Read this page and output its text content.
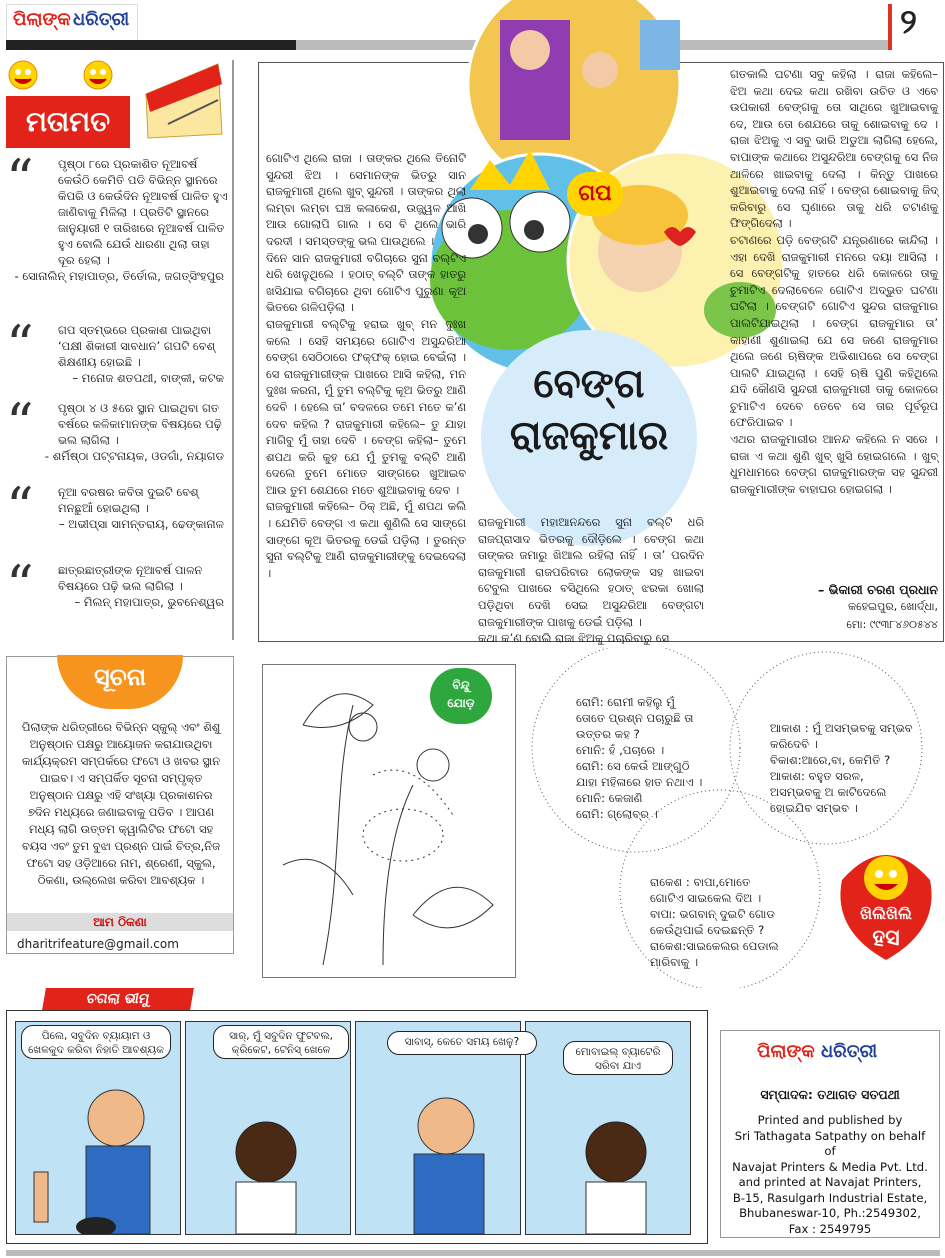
ପିଲାଙ୍କ ଧରିତ୍ରୀ	୨
ମତାମତ
“ ପୃଷ୍ଠା ୮ରେ ପ୍ରକାଶିତ ନୂଆବର୍ଷ କେଉଁଠି କେମିତି ପଡି ବିଭିନ୍ନ ସ୍ଥାନରେ କିପରି ଓ କେଉଁଦିନ ନୂଆବର୍ଷ ପାଳିତ ହୁଏ ଜାଣିବାକୁ ମିଳିଲା । ପ୍ରତିଟି ସ୍ଥାନରେ ଜାନୁୟାରୀ ୧ ତାରିଖରେ ନୂଆବର୍ଷ ପାଳିତ ହୁଏ ବୋଲି ଯେଉଁ ଧାରଣା ଥିଲା ତାହା ଦୂର ହେଲା ।
- ସୋନାଲିନ୍ ମହାପାତ୍ର, ତିର୍ତୋଲ, ଜଗତ୍‌ସିଂହପୁର
“ ଗପ ସ୍ତମ୍ଭରେ ପ୍ରକାଶ ପାଇଥିବା ‘ପକ୍ଷୀ ଶିକାରୀ ସାବଧାନ’ ଗପଟି ବେଶ୍ ଶିକ୍ଷଣୀୟ ହୋଇଛି ।
– ମନୋଜ ଶତପଥୀ, ବାଙ୍କୀ, କଟକ
“ ପୃଷ୍ଠା ୪ ଓ ୫ରେ ସ୍ଥାନ ପାଇଥିବା ଗତ ବର୍ଷରେ କଳିକାମାନଙ୍କ ବିଷୟରେ ପଢ଼ି ଭଲ ଲାଗିଲା ।
- ଶର୍ମିଷ୍ଠା ପଟ୍ଟନାୟକ, ଓଡଗାଁ, ନୟାଗଡ
“ ନୂଆ ବରଷର କବିତା ଦୁଇଟି ବେଶ୍ ମନଛୁଆଁ ହୋଇଥିଲା ।
– ଅଭୀପ୍‌ସା ସାମନ୍ତରାୟ, ଢେଙ୍କାନାଳ
“ ଛାତ୍ରଛାତ୍ରୀଙ୍କ ନୂଆବର୍ଷ ପାଳନ ବିଷୟରେ ପଢ଼ି ଭଲ ଲାଗିଲା ।
– ମିଲନ୍ ମହାପାତ୍ର, ଭୁବନେଶ୍ୱର
ଗପ
ବେଙ୍ଗ
ରାଜକୁମାର
ଗୋଟିଏ ଥିଲେ ରାଜା । ତାଙ୍କର ଥିଲେ ତିନୋଟି ସୁନ୍ଦରୀ ଝିଅ । ସେମାନଙ୍କ ଭିତରୁ ସାନ ରାଜକୁମାରୀ ଥିଲେ ଖୁବ୍ ସୁନ୍ଦରୀ । ତାଙ୍କର ଥିଲା ଲମ୍ବା ଲମ୍ବା ଘଞ୍ଚ କଳାକେଶ, ଉଜ୍ଜ୍ୱଳ ଆଖି ଆଉ ଗୋଲାପି ଗାଲ । ସେ ବି ଥିଲେ ଭାରି ଦରଦୀ । ସମସ୍ତଙ୍କୁ ଭଲ ପାଉଥିଲେ ।
ଦିନେ ସାନ ରାଜକୁମାରୀ ବଗିଚାରେ ସୁନା ବଲ୍‌ଟିଏ ଧରି ଖେଳୁଥିଲେ । ହଠାତ୍ ବଲ୍‌ଟି ତାଙ୍କ ହାତରୁ ଖସିଯାଇ ବଗିଚାରେ ଥିବା ଗୋଟିଏ ପୁରୁଣା କୂଅ ଭିତରେ ଗଳିପଡ଼ିଲା ।
ରାଜକୁମାରୀ ବଲ୍‌ଟିକୁ ହରାଇ ଖୁବ୍ ମନ ଦୁଃଖ କଲେ । ସେହି ସମୟରେ ଗୋଟିଏ ଅସୁନ୍ଦରିଆ ବେଙ୍ଗ ସେଠିଠାରେ ଫକ୍‌ଫକ୍ ହୋଇ ବେଇଁଲା । ସେ ରାଜକୁମାରୀଙ୍କ ପାଖରେ ଆସି କହିଲା, ମନ ଦୁଃଖ କରନା, ମୁଁ ତୁମ ବଲ୍‌ଟିକୁ କୂଅ ଭିତରୁ ଆଣି ଦେବି । ହେଲେ ତା’ ବଦଳରେ ତମେ ମତେ କ’ଣ ଦେବ କହିଲ ? ରାଜକୁମାରୀ କହିଲେ– ତୁ ଯାହା ମାଗିବୁ ମୁଁ ତାହା ଦେବି । ବେଙ୍ଗ କହିଲା– ତୁମେ ଶପଥ କରି କୁହ ଯେ ମୁଁ ତୁମକୁ ବଲ୍‌ଟି ଆଣି ଦେଲେ ତୁମେ ମୋତେ ସାଙ୍ଗରେ ଖୁଆଇବ ଆଉ ତୁମ ଶେଯରେ ମତେ ଶୁଆଇବାକୁ ଦେବ ।
ରାଜକୁମାରୀ କହିଲେ– ଠିକ୍ ଅଛି, ମୁଁ ଶପଥ କଲି । ଯେମିତି ବେଙ୍ଗ ଏ କଥା ଶୁଣିଲି ସେ ସାଙ୍ଗେ ସାଙ୍ଗେ କୂଅ ଭିତରକୁ ଡେଇଁ ପଡ଼ିଲା । ତୁରନ୍ତ ସୁନା ବଲ୍‌ଟିକୁ ଆଣି ରାଜକୁମାରୀଙ୍କୁ ଦେଇଦେଲା ।
ରାଜକୁମାରୀ ମହାଆନନ୍ଦରେ ସୁନା ବଲ୍‌ଟି ଧରି ରାଜପ୍ରାସାଦ ଭିତରକୁ ଦୌଡ଼ିଲେ । ବେଙ୍ଗ କଥା ତାଙ୍କର ଜମାରୁ ଖିଆଲ ରହିଲା ନାହିଁ । ତା’ ପରଦିନ ରାଜକୁମାରୀ ରାଜପରିବାର ଲୋକଙ୍କ ସହ ଖାଇବା ଟେବୁଲ ପାଖରେ ବସିଥିଲେ ହଠାତ୍ ଝରକା ଖୋଲା ପଡ଼ିଥିବା ଦେଖି ସେଇ ଅସୁନ୍ଦରିଆ ବେଙ୍ଗଟା ରାଜକୁମାରୀଙ୍କ ପାଖକୁ ଡେଇଁ ପଡ଼ିଲା ।
କଥା କ’ଣ ବୋଲି ରାଜା ଝିଅକୁ ପଚାରିବାରୁ ସେ
ଗତକାଲି ଘଟଣା ସବୁ କହିଲା । ରାଜା କହିଲେ– ଝିଅ କଥା ଦେଇ କଥା ରଖିବା ଉଚିତ ଓ ଏବେ ଉପକାରୀ ବେଙ୍ଗକୁ ତୋ ସାଥିରେ ଖୁଆଇବାକୁ ଦେ, ଆଉ ତୋ ଶେଯରେ ତାକୁ ଶୋଇବାକୁ ଦେ । ରାଜା ଝିଅକୁ ଏ ସବୁ ଭାରି ଅଡୁଆ ଲାଗିଲା ହେଲେ, ବାପାଙ୍କ କଥାରେ ଅସୁନ୍ଦରିଆ ବେଙ୍ଗକୁ ସେ ନିଜ ଥାଳିରେ ଖାଇବାକୁ ଦେଲା । କିନ୍ତୁ ପାଖରେ ଶୁଆଇବାକୁ ଦେଲା ନାହିଁ । ବେଙ୍ଗ ଶୋଇବାକୁ ଜିଦ୍ କରିବାରୁ ସେ ଘୃଣାରେ ତାକୁ ଧରି ଚଟାଣକୁ ଫିଙ୍ଗିଦେଲା ।
ଚଟାଣରେ ପଡ଼ି ବେଙ୍ଗଟି ଯନ୍ତ୍ରଣାରେ କାନ୍ଦିଲା । ଏହା ଦେଖି ରାଜକୁମାରୀ ମନରେ ଦୟା ଆସିଲା । ସେ ବେଙ୍ଗଟିକୁ ହାତରେ ଧରି କୋଳରେ ତାକୁ ଚୁମାଟିଏ ଦେଲାବେଳେ ଗୋଟିଏ ଅଦ୍ଭୁତ ଘଟଣା ଘଟିଲା । ବେଙ୍ଗଟି ଗୋଟିଏ ସୁନ୍ଦର ରାଜକୁମାର ପାଲଟିଯାଇଥିଲା । ବେଙ୍ଗ ରାଜକୁମାର ତା’ କାହାଣୀ ଶୁଣାଇଲା ଯେ ସେ ଜଣେ ରାଜକୁମାର ଥିଲେ ଜଣେ ଋଷିଙ୍କ ଅଭିଶାପରେ ସେ ବେଙ୍ଗ ପାଲଟି ଯାଇଥିଲା । ସେହି ଋଷି ପୁଣି କହିଥିଲେ ଯଦି କୌଣସି ସୁନ୍ଦରୀ ରାଜକୁମାରୀ ତାକୁ କୋଳରେ ଚୁମାଟିଏ ଦେବେ ତେବେ ସେ ତାର ପୂର୍ବରୂପ ଫେରିପାଇବ ।
ଏଥର ରାଜକୁମାରୀର ଆନନ୍ଦ କହିଲେ ନ ସରେ । ରାଜା ଏ କଥା ଶୁଣି ଖୁବ୍ ଖୁସି ହୋଇଗଲେ । ଖୁବ୍ ଧୁମଧାମରେ ବେଙ୍ଗ ରାଜକୁମାରଙ୍କ ସହ ସୁନ୍ଦରୀ ରାଜକୁମାରୀଙ୍କ ବାହାଘର ହୋଇଗଲା ।
– ଭିକାରୀ ଚରଣ ପ୍ରଧାନ
କହେଇପୁର, ଖୋର୍ଦ୍ଧା,
ମୋ: ୯୯୩୮୪୬୦୫୪୪
ସୂଚନା
ପିଲାଙ୍କ ଧରିତ୍ରୀରେ ବିଭିନ୍ନ ସ୍କୁଲ୍ ଏବଂ ଶିଶୁ ଅନୁଷ୍ଠାନ ପକ୍ଷରୁ ଆୟୋଜନ କରାଯାଉଥିବା କାର୍ଯ୍ୟକ୍ରମ ସମ୍ପର୍କରେ ଫଟୋ ଓ ଖବର ସ୍ଥାନ ପାଇବ। ଏ ସମ୍ପର୍କିତ ସୂଚନା ସମ୍ପୃକ୍ତ ଅନୁଷ୍ଠାନ ପକ୍ଷରୁ ଏହି ସଂଖ୍ୟା ପ୍ରକାଶନର ୭ଦିନ ମଧ୍ୟରେ ଜଣାଇବାକୁ ପଡିବ । ଆପଣ ମଧ୍ୟ ଲାଗି ଉତ୍ତମ କ୍ୱାଲିଟିର ଫଟୋ ସହ ବୟସ ଏବଂ ତୁମ ବୁଝା ପ୍ରଶ୍ନ ପାଇଁ ଚିତ୍ର,ନିଜ ଫଟୋ ସହ ଓଡ଼ିଆରେ ନାମ, ଶ୍ରେଣୀ, ସ୍କୁଲ, ଠିକଣା, ଉଲ୍ଲେଖ କରିବା ଆବଶ୍ୟକ ।
ଆମ ଠିକଣା
dharitrifeature@gmail.com
ବିନ୍ଦୁ
ଯୋଡ଼	ରୋମି: ରୋମୀ କହିଲୁ ମୁଁ
ତୋତେ ପ୍ରଶ୍ନ ପଚାରୁଛି ତା
ଉତ୍ତର କହ ?
ମୋନି: ହଁ ,ପଚାରେ ।
ରୋମି: ସେ କେଉଁ ଆଙ୍ଗୁଠି
ଯାହା ମହିଳାରେ ହାତ ନଥାଏ ।
ମୋନି: କେଜାଣି
ରୋମି: ଗ୍ଲୋବ୍‌ର ।
ଆକାଶ : ମୁଁ ଅସମ୍ଭବକୁ ସମ୍ଭବ
କରିଦେବି ।
ବିକାଶ:ଆରେ,ବା, କେମିତି ?
ଆକାଶ: ବହୁତ ସରଳ,
ଅସମ୍ଭବକୁ ଅ କାଟିଦେଲେ
ହୋଇଯିବ ସମ୍ଭବ ।
ରାକେଶ : ବାପା,ମୋତେ
ଗୋଟିଏ ସାଇକେଲ ଦିଅ ।
ବାପା: ଭଗବାନ୍ ଦୁଇଟି ଗୋଡ
କେଉଁଥିପାଇଁ ଦେଇଛନ୍ତି ?
ରାକେଶ:ସାଇକେଲର ପେଡାଲ
ମାରିବାକୁ ।
ଖିଲିଖିଲି
ହସ
ଚଗଲା ଭୀମୁ
ପିଲେ, ସବୁଦିନ ବ୍ୟାୟାମ ଓ ଖେଳକୁଦ କରିବା ନିହାତି ଆବଶ୍ୟକ
ସାର୍, ମୁଁ ସବୁଦିନ ଫୁଟବଲ, କ୍ରିକେଟ, ଟେନିସ୍ ଖେଳେ
ସାବାସ୍, କେତେ ସମୟ ଖେଳୁ?
ମୋବାଇଲ୍ ବ୍ୟାଟେରି ସରିବା ଯାଏ
ପିଲାଙ୍କ ଧରିତ୍ରୀ
ସମ୍ପାଦକ: ତଥାଗତ ସତପଥୀ
Printed and published by
Sri Tathagata Satpathy on behalf
of
Navajat Printers & Media Pvt. Ltd.
and printed at Navajat Printers,
B-15, Rasulgarh Industrial Estate,
Bhubaneswar-10, Ph.:2549302,
Fax : 2549795
